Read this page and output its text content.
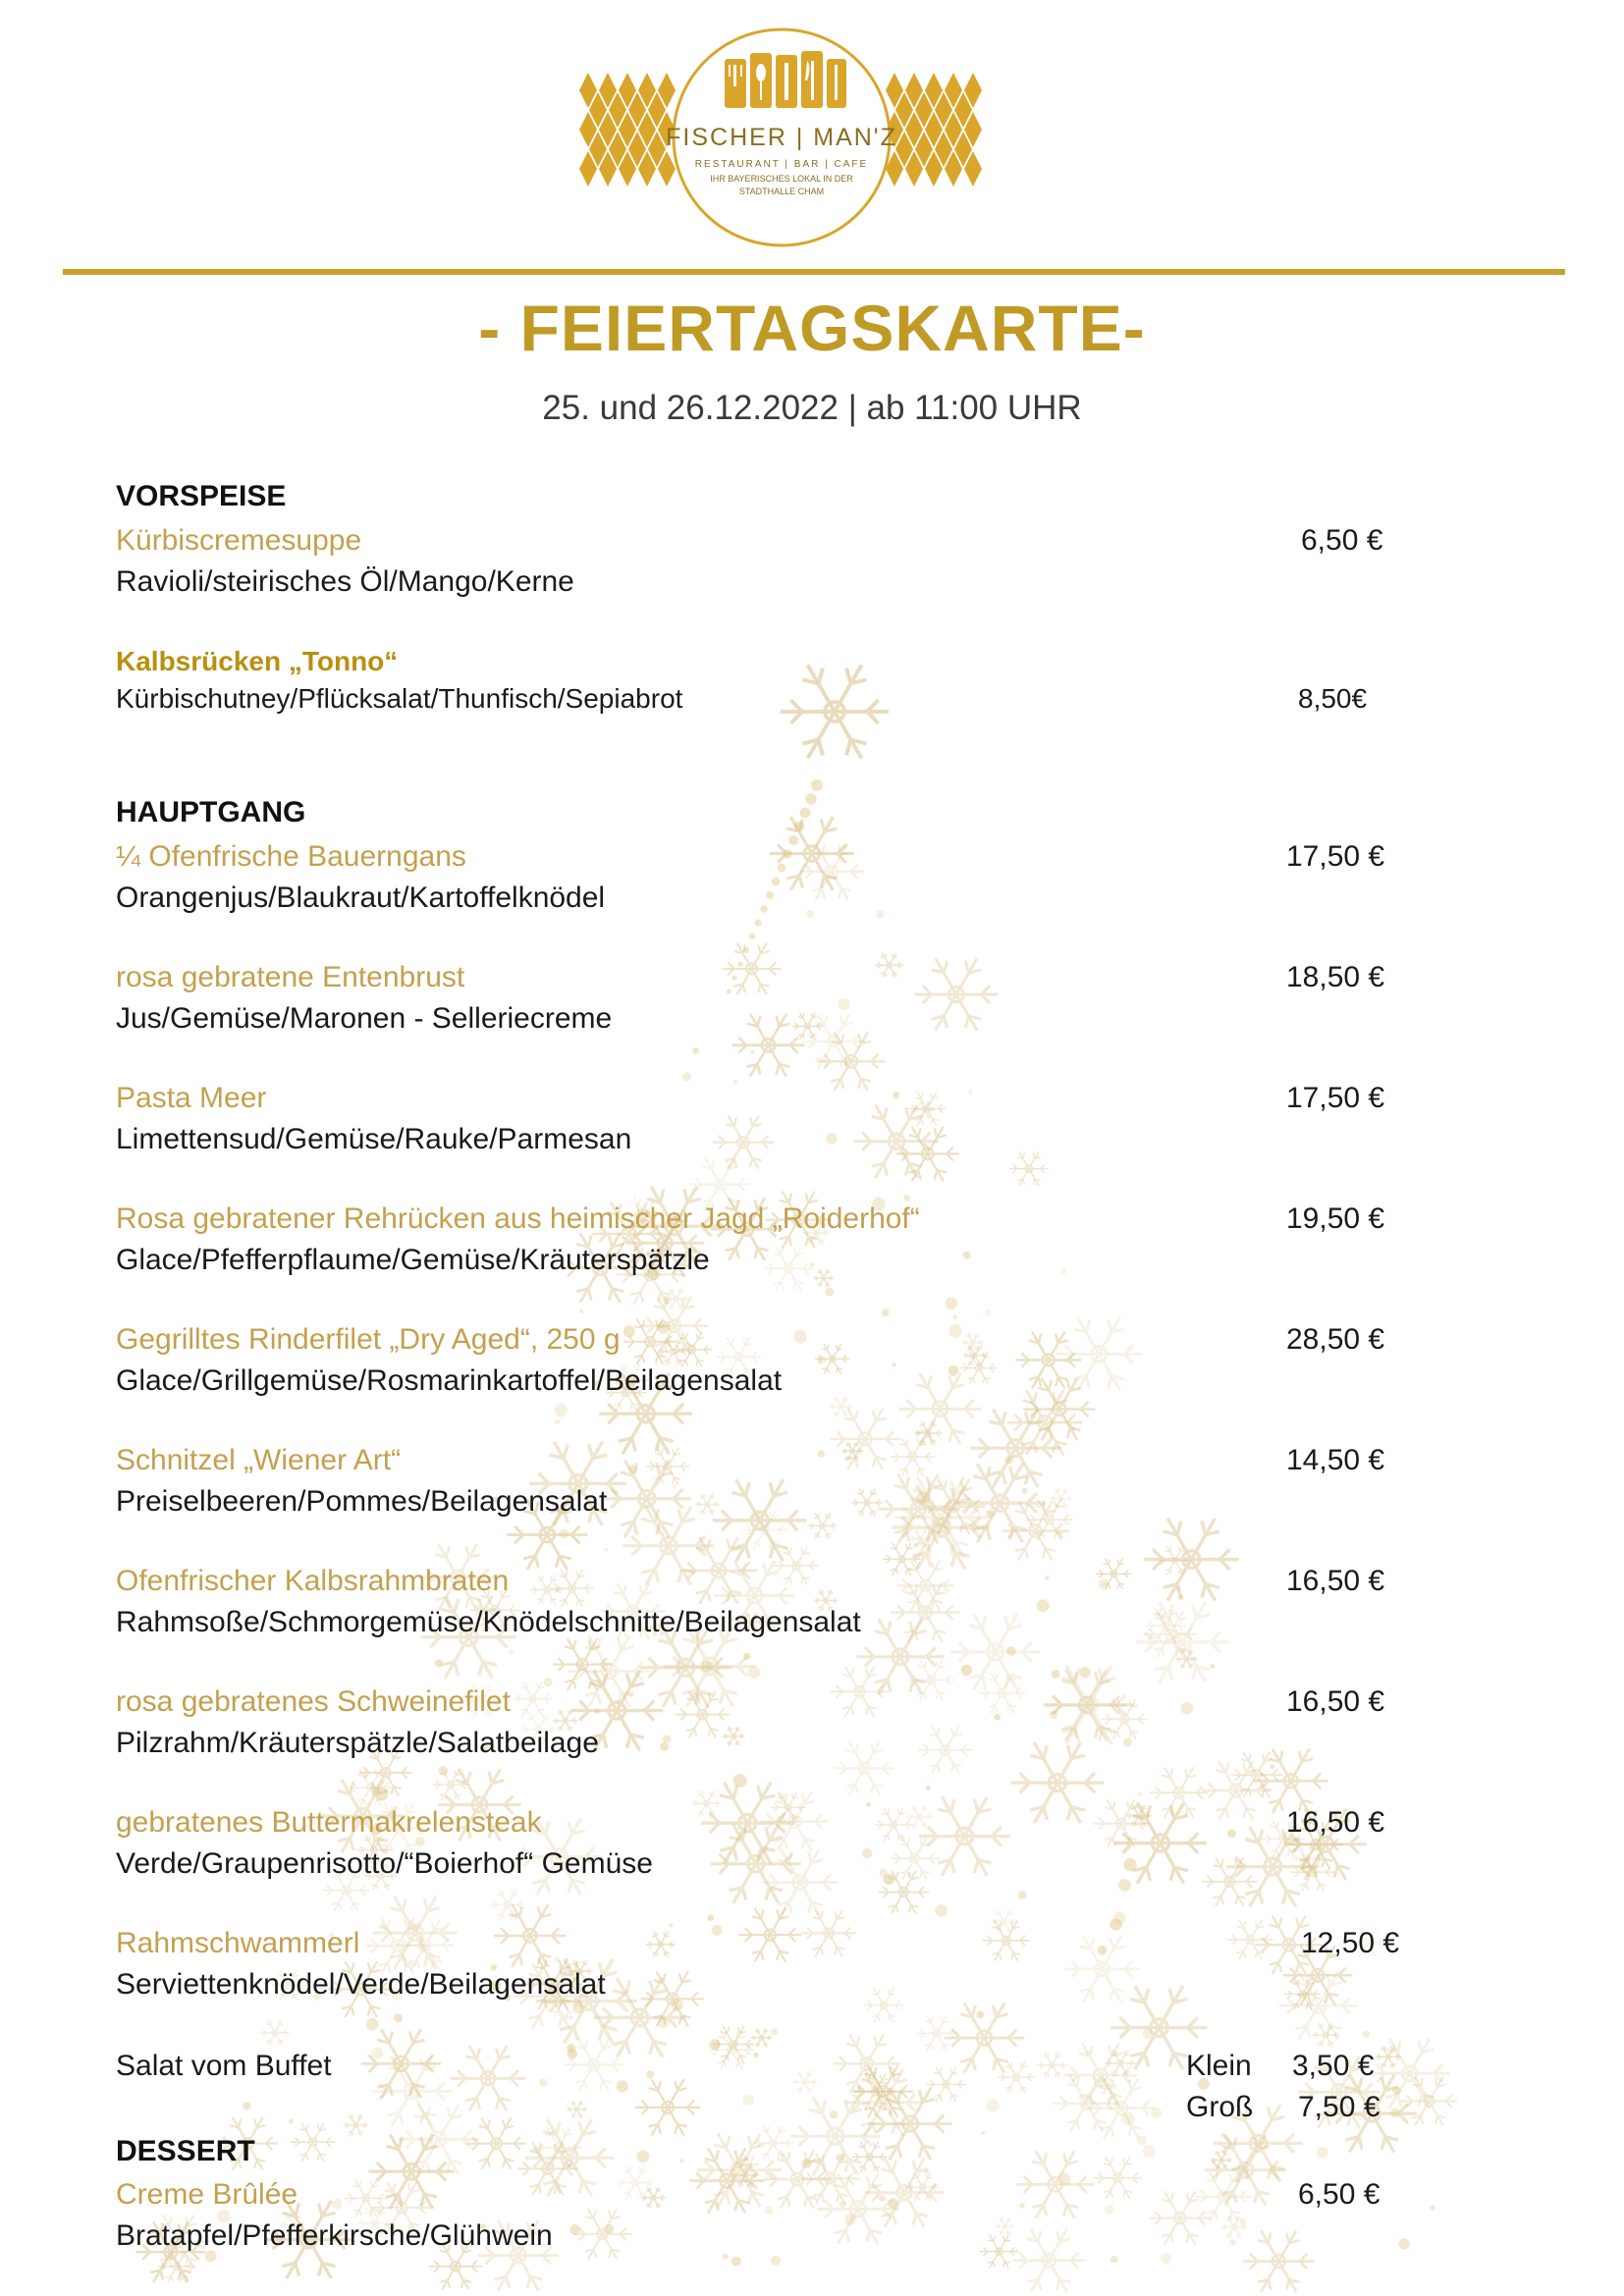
FISCHER | MAN'Z
RESTAURANT | BAR | CAFE
IHR BAYERISCHES LOKAL IN DER STADTHALLE CHAM
- FEIERTAGSKARTE-
25. und 26.12.2022 | ab 11:00 UHR
VORSPEISE
Kürbiscremesuppe	6,50 €
Ravioli/steirisches Öl/Mango/Kerne
Kalbsrücken „Tonno“
Kürbischutney/Pflücksalat/Thunfisch/Sepiabrot	8,50€
HAUPTGANG
¼ Ofenfrische Bauerngans	17,50 €
Orangenjus/Blaukraut/Kartoffelknödel
rosa gebratene Entenbrust	18,50 €
Jus/Gemüse/Maronen - Selleriecreme
Pasta Meer	17,50 €
Limettensud/Gemüse/Rauke/Parmesan
Rosa gebratener Rehrücken aus heimischer Jagd „Roiderhof“	19,50 €
Glace/Pfefferpflaume/Gemüse/Kräuterspätzle
Gegrilltes Rinderfilet „Dry Aged“, 250 g	28,50 €
Glace/Grillgemüse/Rosmarinkartoffel/Beilagensalat
Schnitzel „Wiener Art“	14,50 €
Preiselbeeren/Pommes/Beilagensalat
Ofenfrischer Kalbsrahmbraten	16,50 €
Rahmsoße/Schmorgemüse/Knödelschnitte/Beilagensalat
rosa gebratenes Schweinefilet	16,50 €
Pilzrahm/Kräuterspätzle/Salatbeilage
gebratenes Buttermakrelensteak	16,50 €
Verde/Graupenrisotto/“Boierhof“ Gemüse
Rahmschwammerl	12,50 €
Serviettenknödel/Verde/Beilagensalat
Salat vom Buffet	Klein 3,50 €
Groß 7,50 €
DESSERT
Creme Brûlée	6,50 €
Bratapfel/Pfefferkirsche/Glühwein
